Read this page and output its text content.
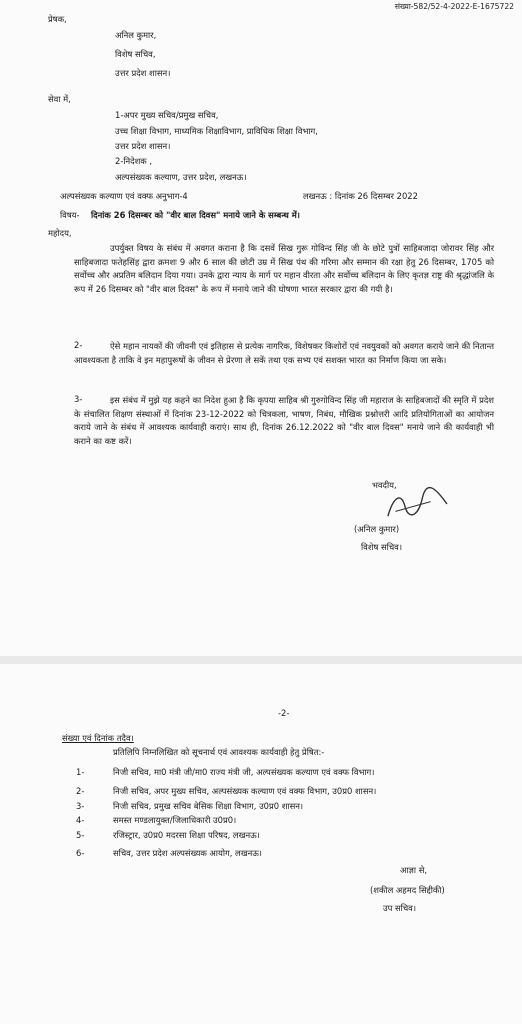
संख्या-582/52-4-2022-E-1675722
प्रेषक,
अनिल कुमार,
विशेष सचिव,
उत्तर प्रदेश शासन।
सेवा में,
1-अपर मुख्य सचिव/प्रमुख सचिव,
उच्च शिक्षा विभाग, माध्यमिक शिक्षाविभाग, प्राविधिक शिक्षा विभाग,
उत्तर प्रदेश शासन।
2-निदेशक ,
अल्पसंख्यक कल्याण, उत्तर प्रदेश, लखनऊ।
अल्पसंख्यक कल्याण एवं वक्फ अनुभाग-4	लखनऊ : दिनांक 26 दिसम्बर 2022
विषय- दिनांक 26 दिसम्बर को "वीर बाल दिवस" मनाये जाने के सम्बन्ध में।
महोदय,
उपर्युक्त विषय के संबंध में अवगत कराना है कि दसवें सिख गुरू गोविन्द सिंह जी के छोटे पुत्रों साहिबजादा जोरावर सिंह और साहिबजादा फतेहसिंह द्वारा क्रमशः 9 और 6 साल की छोटी उम्र में सिख पंथ की गरिमा और सम्मान की रक्षा हेतु 26 दिसम्बर, 1705 को सर्वोच्च और अप्रतिम बलिदान दिया गया। उनके द्वारा न्याय के मार्ग पर महान वीरता और सर्वोच्च बलिदान के लिए कृतज्ञ राष्ट्र की श्रृद्धांजलि के रूप में 26 दिसम्बर को "वीर बाल दिवस" के रूप में मनाये जाने की घोषणा भारत सरकार द्वारा की गयी है।
2-	ऐसे महान नायकों की जीवनी एवं इतिहास से प्रत्येक नागरिक, विशेषकर किशोरों एवं नवयुवकों को अवगत कराये जाने की नितान्त आवश्यकता है ताकि वे इन महापुरूषों के जीवन से प्रेरणा ले सकें तथा एक सभ्य एवं सशक्त भारत का निर्माण किया जा सके।
3-	इस संबंध में मुझे यह कहने का निदेश हुआ है कि कृपया साहिब श्री गुरुगोविन्द सिंह जी महाराज के साहिबजादों की स्मृति में प्रदेश के संचालित शिक्षण संस्थाओं में दिनांक 23-12-2022 को चित्रकला, भाषण, निबंध, मौखिक प्रश्नोत्तरी आदि प्रतियोगिताओं का आयोजन कराये जाने के संबंध में आवश्यक कार्यवाही कराएं। साथ ही, दिनांक 26.12.2022 को "वीर बाल दिवस" मनाये जाने की कार्यवाही भी कराने का कष्ट करें।
भवदीय,
(अनिल कुमार)
विशेष सचिव।
-2-
संख्या एवं दिनांक तदैव।
प्रतिलिपि निम्नलिखित को सूचनार्थ एवं आवश्यक कार्यवाही हेतु प्रेषित:-
1-	निजी सचिव, मा0 मंत्री जी/मा0 राज्य मंत्री जी, अल्पसंख्यक कल्याण एवं वक्फ विभाग।
2-	निजी सचिव, अपर मुख्य सचिव, अल्पसंख्यक कल्याण एवं वक्फ विभाग, उ0प्र0 शासन।
3-	निजी सचिव, प्रमुख सचिव बेसिक शिक्षा विभाग, उ0प्र0 शासन।
4-	समस्त मण्डलायुक्त/जिलाधिकारी उ0प्र0।
5-	रजिस्ट्रार, उ0प्र0 मदरसा शिक्षा परिषद, लखनऊ।
6-	सचिव, उत्तर प्रदेश अल्पसंख्यक आयोग, लखनऊ।
आज्ञा से,
(शकील अहमद सिद्दीकी)
उप सचिव।
